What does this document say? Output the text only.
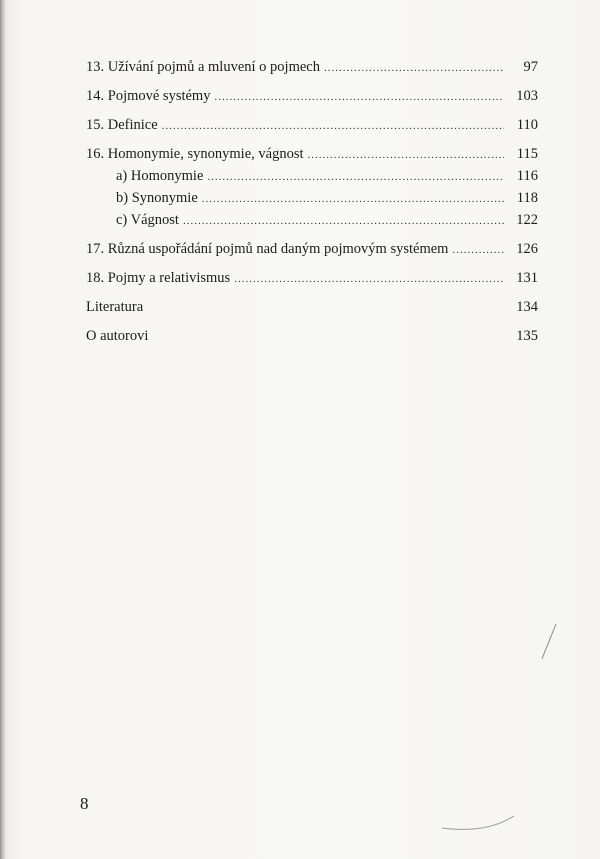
13. Užívání pojmů a mluvení o pojmech .....	97
14. Pojmové systémy .....	103
15. Definice .....	110
16. Homonymie, synonymie, vágnost .....	115
a) Homonymie .....	116
b) Synonymie .....	118
c) Vágnost .....	122
17. Různá uspořádání pojmů nad daným pojmovým systémem .....	126
18. Pojmy a relativismus .....	131
Literatura	134
O autorovi	135
8
